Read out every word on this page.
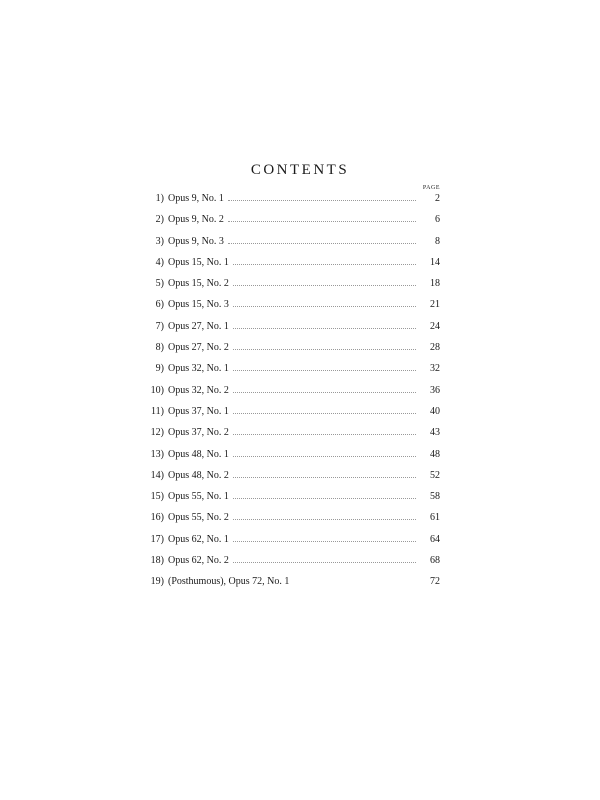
CONTENTS
PAGE
1) Opus 9, No. 1	2
2) Opus 9, No. 2	6
3) Opus 9, No. 3	8
4) Opus 15, No. 1	14
5) Opus 15, No. 2	18
6) Opus 15, No. 3	21
7) Opus 27, No. 1	24
8) Opus 27, No. 2	28
9) Opus 32, No. 1	32
10) Opus 32, No. 2	36
11) Opus 37, No. 1	40
12) Opus 37, No. 2	43
13) Opus 48, No. 1	48
14) Opus 48, No. 2	52
15) Opus 55, No. 1	58
16) Opus 55, No. 2	61
17) Opus 62, No. 1	64
18) Opus 62, No. 2	68
19) (Posthumous), Opus 72, No. 1	72
